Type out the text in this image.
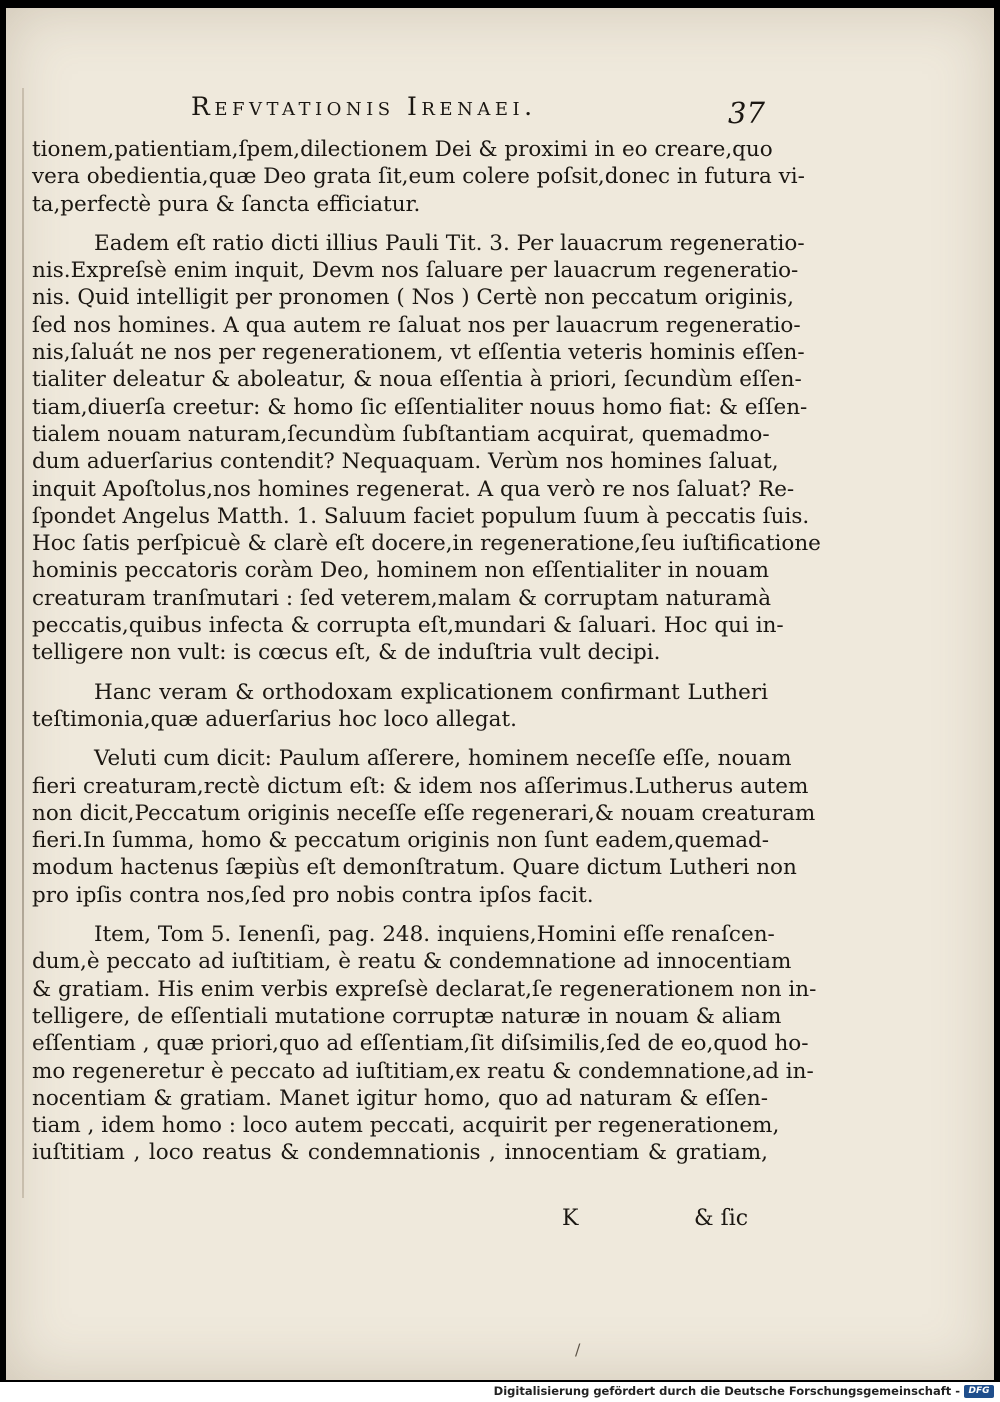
Refvtationis Irenaei.	37
tionem,patientiam,ſpem,dilectionem Dei & proximi in eo creare,quo
vera obedientia,quæ Deo grata ſit,eum colere poſsit,donec in futura vi-
ta,perfectè pura & ſancta efficiatur.
Eadem eſt ratio dicti illius Pauli Tit. 3. Per lauacrum regeneratio-
nis.Expreſsè enim inquit, Devm nos ſaluare per lauacrum regeneratio-
nis. Quid intelligit per pronomen ( Nos ) Certè non peccatum originis,
ſed nos homines. A qua autem re ſaluat nos per lauacrum regeneratio-
nis,ſaluát ne nos per regenerationem, vt eſſentia veteris hominis eſſen-
tialiter deleatur & aboleatur, & noua eſſentia à priori, ſecundùm eſſen-
tiam,diuerſa creetur: & homo ſic eſſentialiter nouus homo fiat: & eſſen-
tialem nouam naturam,ſecundùm ſubſtantiam acquirat, quemadmo-
dum aduerſarius contendit? Nequaquam. Verùm nos homines ſaluat,
inquit Apoſtolus,nos homines regenerat. A qua verò re nos ſaluat? Re-
ſpondet Angelus Matth. 1. Saluum faciet populum ſuum à peccatis ſuis.
Hoc ſatis perſpicuè & clarè eſt docere,in regeneratione,ſeu iuſtificatione
hominis peccatoris coràm Deo, hominem non eſſentialiter in nouam
creaturam tranſmutari : ſed veterem,malam & corruptam naturamà
peccatis,quibus infecta & corrupta eſt,mundari & ſaluari. Hoc qui in-
telligere non vult: is cœcus eſt, & de induſtria vult decipi.
Hanc veram & orthodoxam explicationem confirmant Lutheri
teſtimonia,quæ aduerſarius hoc loco allegat.
Veluti cum dicit: Paulum aſſerere, hominem neceſſe eſſe, nouam
fieri creaturam,rectè dictum eſt: & idem nos aſſerimus.Lutherus autem
non dicit,Peccatum originis neceſſe eſſe regenerari,& nouam creaturam
fieri.In ſumma, homo & peccatum originis non ſunt eadem,quemad-
modum hactenus ſæpiùs eſt demonſtratum. Quare dictum Lutheri non
pro ipſis contra nos,ſed pro nobis contra ipſos facit.
Item, Tom 5. Ienenſi, pag. 248. inquiens,Homini eſſe renaſcen-
dum,è peccato ad iuſtitiam, è reatu & condemnatione ad innocentiam
& gratiam. His enim verbis expreſsè declarat,ſe regenerationem non in-
telligere, de eſſentiali mutatione corruptæ naturæ in nouam & aliam
eſſentiam , quæ priori,quo ad eſſentiam,ſit diſsimilis,ſed de eo,quod ho-
mo regeneretur è peccato ad iuſtitiam,ex reatu & condemnatione,ad in-
nocentiam & gratiam. Manet igitur homo, quo ad naturam & eſſen-
tiam , idem homo : loco autem peccati, acquirit per regenerationem,
iuſtitiam , loco reatus & condemnationis , innocentiam & gratiam,
K	& ſic
/
Digitalisierung gefördert durch die Deutsche Forschungsgemeinschaft - DFG
